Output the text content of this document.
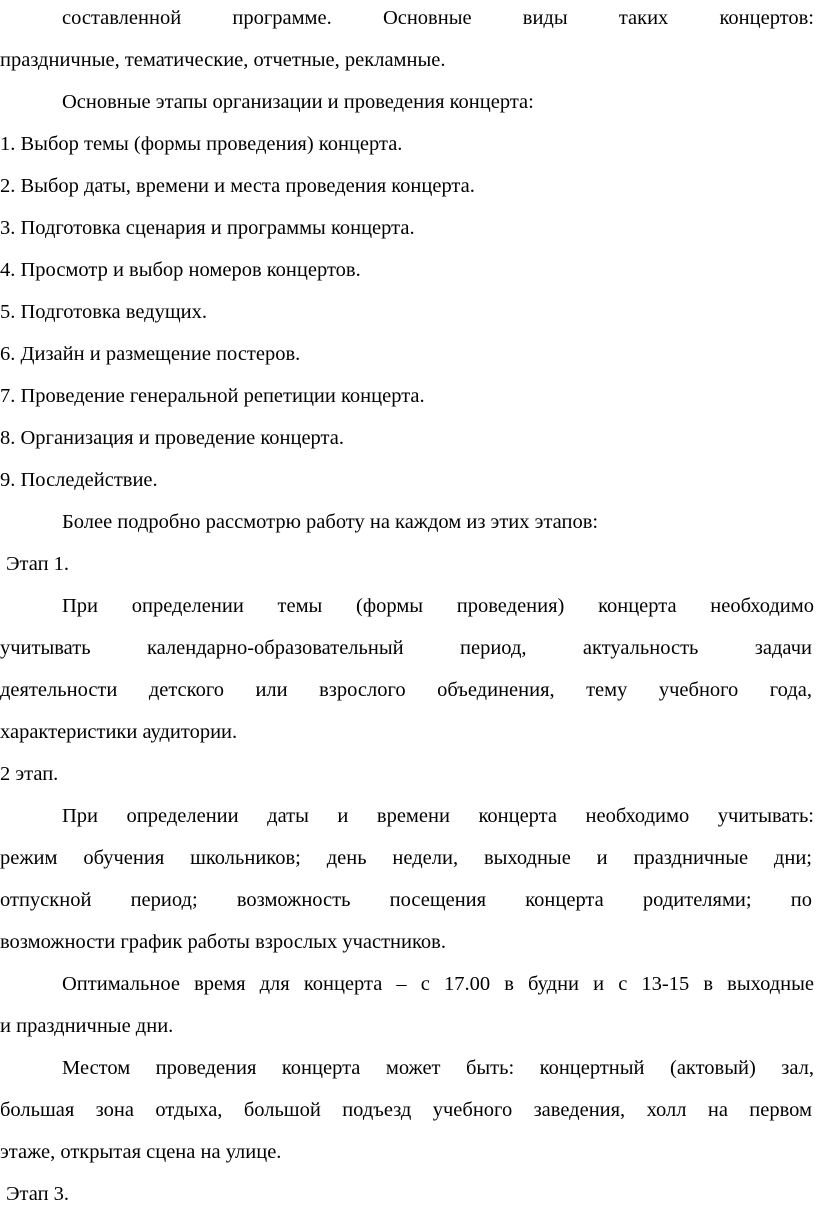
составленной программе. Основные виды таких концертов:
праздничные, тематические, отчетные, рекламные.
Основные этапы организации и проведения концерта:
1. Выбор темы (формы проведения) концерта.
2. Выбор даты, времени и места проведения концерта.
3. Подготовка сценария и программы концерта.
4. Просмотр и выбор номеров концертов.
5. Подготовка ведущих.
6. Дизайн и размещение постеров.
7. Проведение генеральной репетиции концерта.
8. Организация и проведение концерта.
9. Последействие.
Более подробно рассмотрю работу на каждом из этих этапов:
Этап 1.
При определении темы (формы проведения) концерта необходимо
учитывать календарно-образовательный период, актуальность задачи
деятельности детского или взрослого объединения, тему учебного года,
характеристики аудитории.
2 этап.
При определении даты и времени концерта необходимо учитывать:
режим обучения школьников; день недели, выходные и праздничные дни;
отпускной период; возможность посещения концерта родителями; по
возможности график работы взрослых участников.
Оптимальное время для концерта – с 17.00 в будни и с 13-15 в выходные
и праздничные дни.
Местом проведения концерта может быть: концертный (актовый) зал,
большая зона отдыха, большой подъезд учебного заведения, холл на первом
этаже, открытая сцена на улице.
Этап 3.
